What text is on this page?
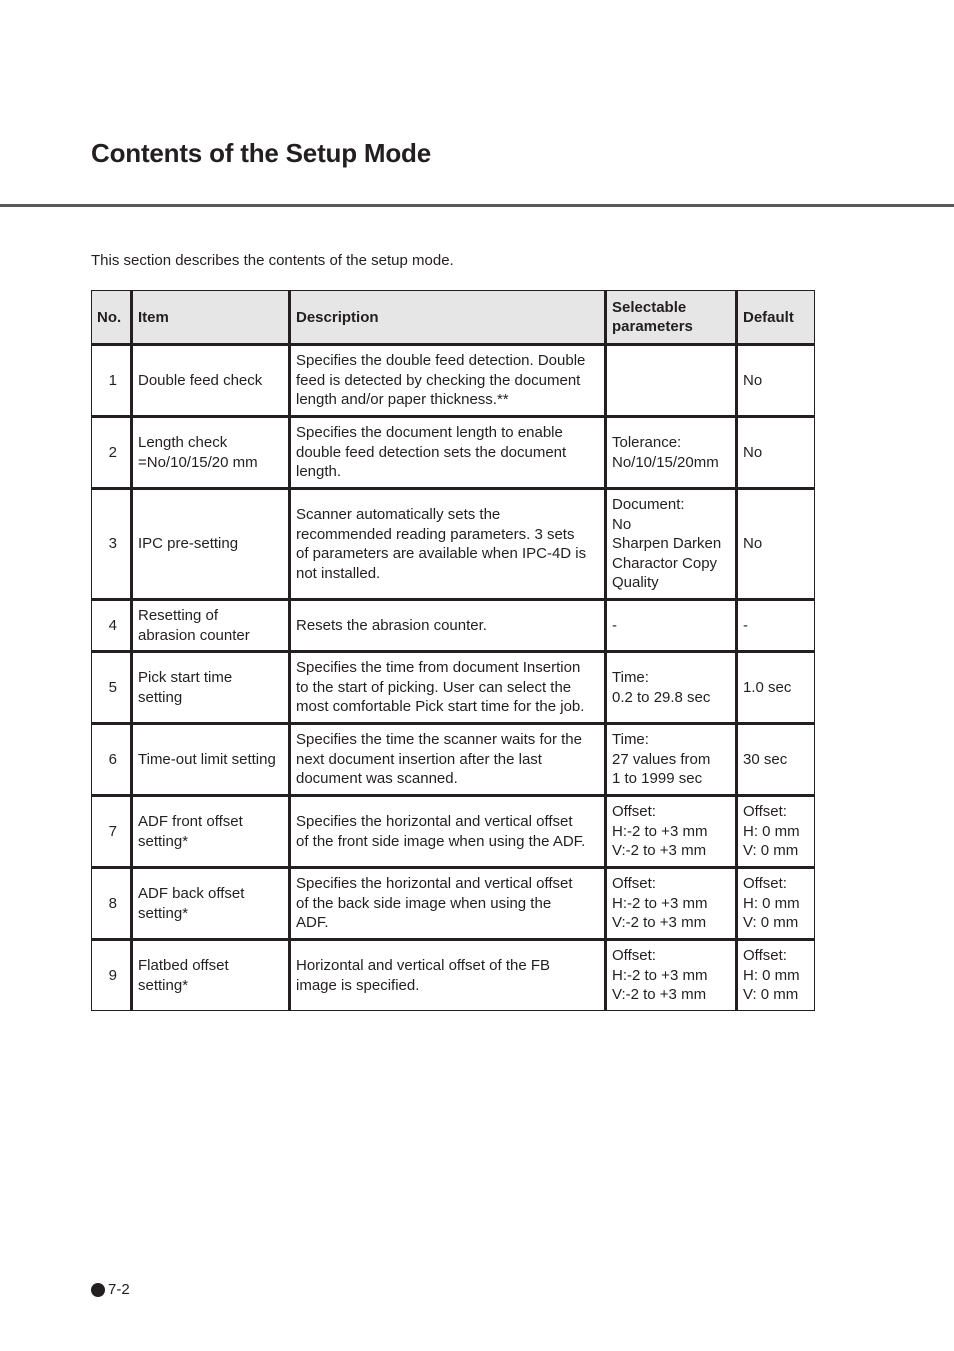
Contents of the Setup Mode

This section describes the contents of the setup mode.

No.	Item	Description	Selectable
parameters	Default
1	Double feed check	Specifies the double feed detection. Double
feed is detected by checking the document
length and/or paper thickness.**		No
2	Length check
=No/10/15/20 mm	Specifies the document length to enable
double feed detection sets the document
length.	Tolerance:
No/10/15/20mm	No
3	IPC pre-setting	Scanner automatically sets the
recommended reading parameters. 3 sets
of parameters are available when IPC-4D is
not installed.	Document:
No
Sharpen Darken
Charactor Copy
Quality	No
4	Resetting of
abrasion counter	Resets the abrasion counter.	-	-
5	Pick start time
setting	Specifies the time from document Insertion
to the start of picking. User can select the
most comfortable Pick start time for the job.	Time:
0.2 to 29.8 sec	1.0 sec
6	Time-out limit setting	Specifies the time the scanner waits for the
next document insertion after the last
document was scanned.	Time:
27 values from
1 to 1999 sec	30 sec
7	ADF front offset
setting*	Specifies the horizontal and vertical offset
of the front side image when using the ADF.	Offset:
H:-2 to +3 mm
V:-2 to +3 mm	Offset:
H: 0 mm
V: 0 mm
8	ADF back offset
setting*	Specifies the horizontal and vertical offset
of the back side image when using the
ADF.	Offset:
H:-2 to +3 mm
V:-2 to +3 mm	Offset:
H: 0 mm
V: 0 mm
9	Flatbed offset
setting*	Horizontal and vertical offset of the FB
image is specified.	Offset:
H:-2 to +3 mm
V:-2 to +3 mm	Offset:
H: 0 mm
V: 0 mm
7-2
